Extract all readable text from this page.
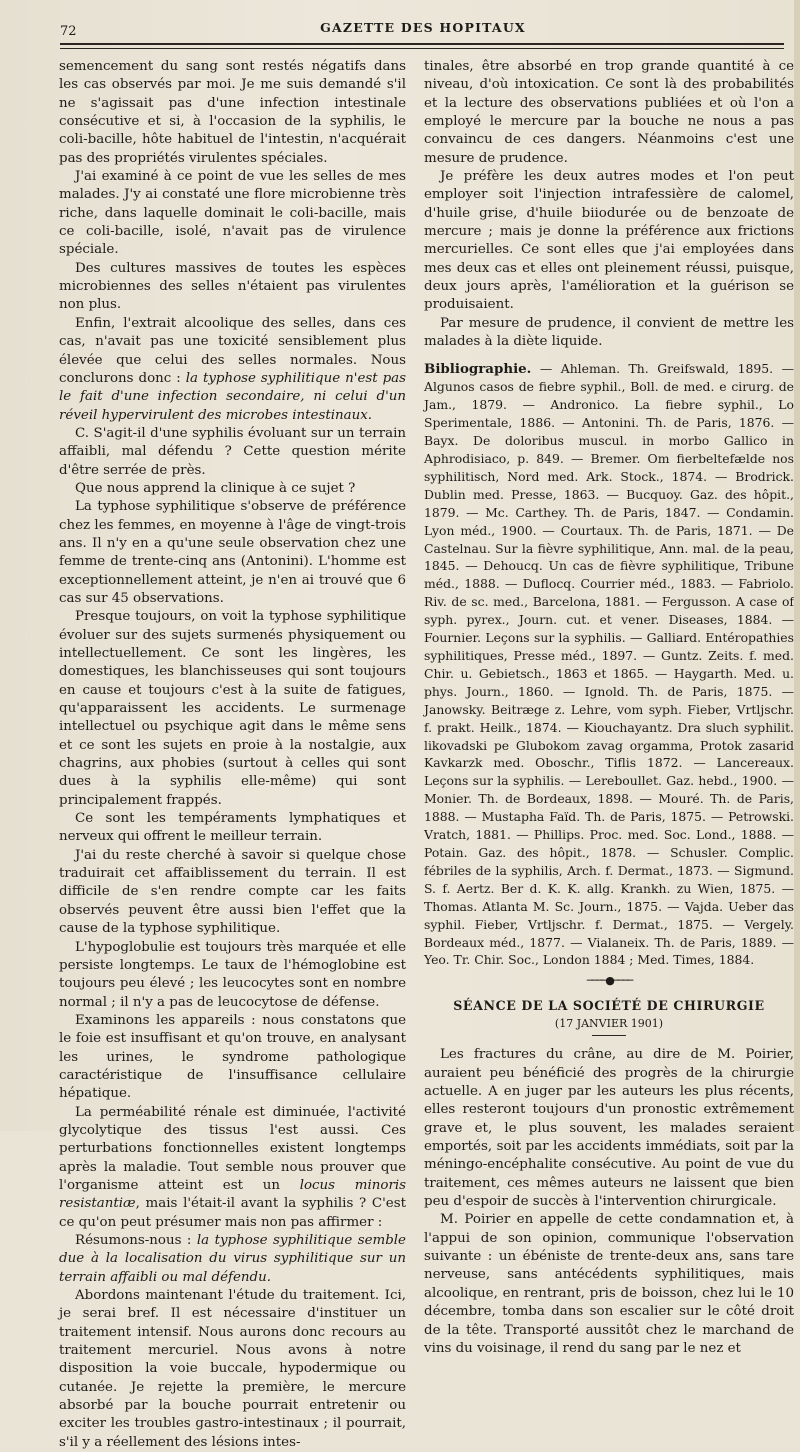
72	GAZETTE DES HOPITAUX

semencement du sang sont restés négatifs dans les cas observés par moi. Je me suis demandé s'il ne s'agissait pas d'une infection intestinale consécutive et si, à l'occasion de la syphilis, le coli-bacille, hôte habituel de l'intestin, n'acquérait pas des propriétés virulentes spéciales.

J'ai examiné à ce point de vue les selles de mes malades. J'y ai constaté une flore microbienne très riche, dans laquelle dominait le coli-bacille, mais ce coli-bacille, isolé, n'avait pas de virulence spéciale.

Des cultures massives de toutes les espèces microbiennes des selles n'étaient pas virulentes non plus.

Enfin, l'extrait alcoolique des selles, dans ces cas, n'avait pas une toxicité sensiblement plus élevée que celui des selles normales. Nous conclurons donc : la typhose syphilitique n'est pas le fait d'une infection secondaire, ni celui d'un réveil hypervirulent des microbes intestinaux.

C. S'agit-il d'une syphilis évoluant sur un terrain affaibli, mal défendu ? Cette question mérite d'être serrée de près.

Que nous apprend la clinique à ce sujet ?

La typhose syphilitique s'observe de préférence chez les femmes, en moyenne à l'âge de vingt-trois ans. Il n'y en a qu'une seule observation chez une femme de trente-cinq ans (Antonini). L'homme est exceptionnellement atteint, je n'en ai trouvé que 6 cas sur 45 observations.

Presque toujours, on voit la typhose syphilitique évoluer sur des sujets surmenés physiquement ou intellectuellement. Ce sont les lingères, les domestiques, les blanchisseuses qui sont toujours en cause et toujours c'est à la suite de fatigues, qu'apparaissent les accidents. Le surmenage intellectuel ou psychique agit dans le même sens et ce sont les sujets en proie à la nostalgie, aux chagrins, aux phobies (surtout à celles qui sont dues à la syphilis elle-même) qui sont principalement frappés.

Ce sont les tempéraments lymphatiques et nerveux qui offrent le meilleur terrain.

J'ai du reste cherché à savoir si quelque chose traduirait cet affaiblissement du terrain. Il est difficile de s'en rendre compte car les faits observés peuvent être aussi bien l'effet que la cause de la typhose syphilitique.

L'hypoglobulie est toujours très marquée et elle persiste longtemps. Le taux de l'hémoglobine est toujours peu élevé ; les leucocytes sont en nombre normal ; il n'y a pas de leucocytose de défense.

Examinons les appareils : nous constatons que le foie est insuffisant et qu'on trouve, en analysant les urines, le syndrome pathologique caractéristique de l'insuffisance cellulaire hépatique.

La perméabilité rénale est diminuée, l'activité glycolytique des tissus l'est aussi. Ces perturbations fonctionnelles existent longtemps après la maladie. Tout semble nous prouver que l'organisme atteint est un locus minoris resistantiæ, mais l'était-il avant la syphilis ? C'est ce qu'on peut présumer mais non pas affirmer :

Résumons-nous : la typhose syphilitique semble due à la localisation du virus syphilitique sur un terrain affaibli ou mal défendu.

Abordons maintenant l'étude du traitement. Ici, je serai bref. Il est nécessaire d'instituer un traitement intensif. Nous aurons donc recours au traitement mercuriel. Nous avons à notre disposition la voie buccale, hypodermique ou cutanée. Je rejette la première, le mercure absorbé par la bouche pourrait entretenir ou exciter les troubles gastro-intestinaux ; il pourrait, s'il y a réellement des lésions intes-

tinales, être absorbé en trop grande quantité à ce niveau, d'où intoxication. Ce sont là des probabilités et la lecture des observations publiées et où l'on a employé le mercure par la bouche ne nous a pas convaincu de ces dangers. Néanmoins c'est une mesure de prudence.

Je préfère les deux autres modes et l'on peut employer soit l'injection intrafessière de calomel, d'huile grise, d'huile biiodurée ou de benzoate de mercure ; mais je donne la préférence aux frictions mercurielles. Ce sont elles que j'ai employées dans mes deux cas et elles ont pleinement réussi, puisque, deux jours après, l'amélioration et la guérison se produisaient.

Par mesure de prudence, il convient de mettre les malades à la diète liquide.

Bibliographie. — Ahleman. Th. Greifswald, 1895. — Algunos casos de fiebre syphil., Boll. de med. e cirurg. de Jam., 1879. — Andronico. La fiebre syphil., Lo Sperimentale, 1886. — Antonini. Th. de Paris, 1876. — Bayx. De doloribus muscul. in morbo Gallico in Aphrodisiaco, p. 849. — Bremer. Om fierbeltefælde nos syphilitisch, Nord med. Ark. Stock., 1874. — Brodrick. Dublin med. Presse, 1863. — Bucquoy. Gaz. des hôpit., 1879. — Mc. Carthey. Th. de Paris, 1847. — Condamin. Lyon méd., 1900. — Courtaux. Th. de Paris, 1871. — De Castelnau. Sur la fièvre syphilitique, Ann. mal. de la peau, 1845. — Dehoucq. Un cas de fièvre syphilitique, Tribune méd., 1888. — Duflocq. Courrier méd., 1883. — Fabriolo. Riv. de sc. med., Barcelona, 1881. — Fergusson. A case of syph. pyrex., Journ. cut. et vener. Diseases, 1884. — Fournier. Leçons sur la syphilis. — Galliard. Entéropathies syphilitiques, Presse méd., 1897. — Guntz. Zeits. f. med. Chir. u. Gebietsch., 1863 et 1865. — Haygarth. Med. u. phys. Journ., 1860. — Ignold. Th. de Paris, 1875. — Janowsky. Beitræge z. Lehre, vom syph. Fieber, Vrtljschr. f. prakt. Heilk., 1874. — Kiouchayantz. Dra sluch syphilit. likovadski pe Glubokom zavag orgamma, Protok zasarid Kavkarzk med. Oboschr., Tiflis 1872. — Lancereaux. Leçons sur la syphilis. — Lereboullet. Gaz. hebd., 1900. — Monier. Th. de Bordeaux, 1898. — Mouré. Th. de Paris, 1888. — Mustapha Faïd. Th. de Paris, 1875. — Petrowski. Vratch, 1881. — Phillips. Proc. med. Soc. Lond., 1888. — Potain. Gaz. des hôpit., 1878. — Schusler. Complic. fébriles de la syphilis, Arch. f. Dermat., 1873. — Sigmund. S. f. Aertz. Ber d. K. K. allg. Krankh. zu Wien, 1875. — Thomas. Atlanta M. Sc. Journ., 1875. — Vajda. Ueber das syphil. Fieber, Vrtljschr. f. Dermat., 1875. — Vergely. Bordeaux méd., 1877. — Vialaneix. Th. de Paris, 1889. — Yeo. Tr. Chir. Soc., London 1884 ; Med. Times, 1884.

────●────

SÉANCE DE LA SOCIÉTÉ DE CHIRURGIE

(17 JANVIER 1901)

Les fractures du crâne, au dire de M. Poirier, auraient peu bénéficié des progrès de la chirurgie actuelle. A en juger par les auteurs les plus récents, elles resteront toujours d'un pronostic extrêmement grave et, le plus souvent, les malades seraient emportés, soit par les accidents immédiats, soit par la méningo-encéphalite consécutive. Au point de vue du traitement, ces mêmes auteurs ne laissent que bien peu d'espoir de succès à l'intervention chirurgicale.

M. Poirier en appelle de cette condamnation et, à l'appui de son opinion, communique l'observation suivante : un ébéniste de trente-deux ans, sans tare nerveuse, sans antécédents syphilitiques, mais alcoolique, en rentrant, pris de boisson, chez lui le 10 décembre, tomba dans son escalier sur le côté droit de la tête. Transporté aussitôt chez le marchand de vins du voisinage, il rend du sang par le nez et
